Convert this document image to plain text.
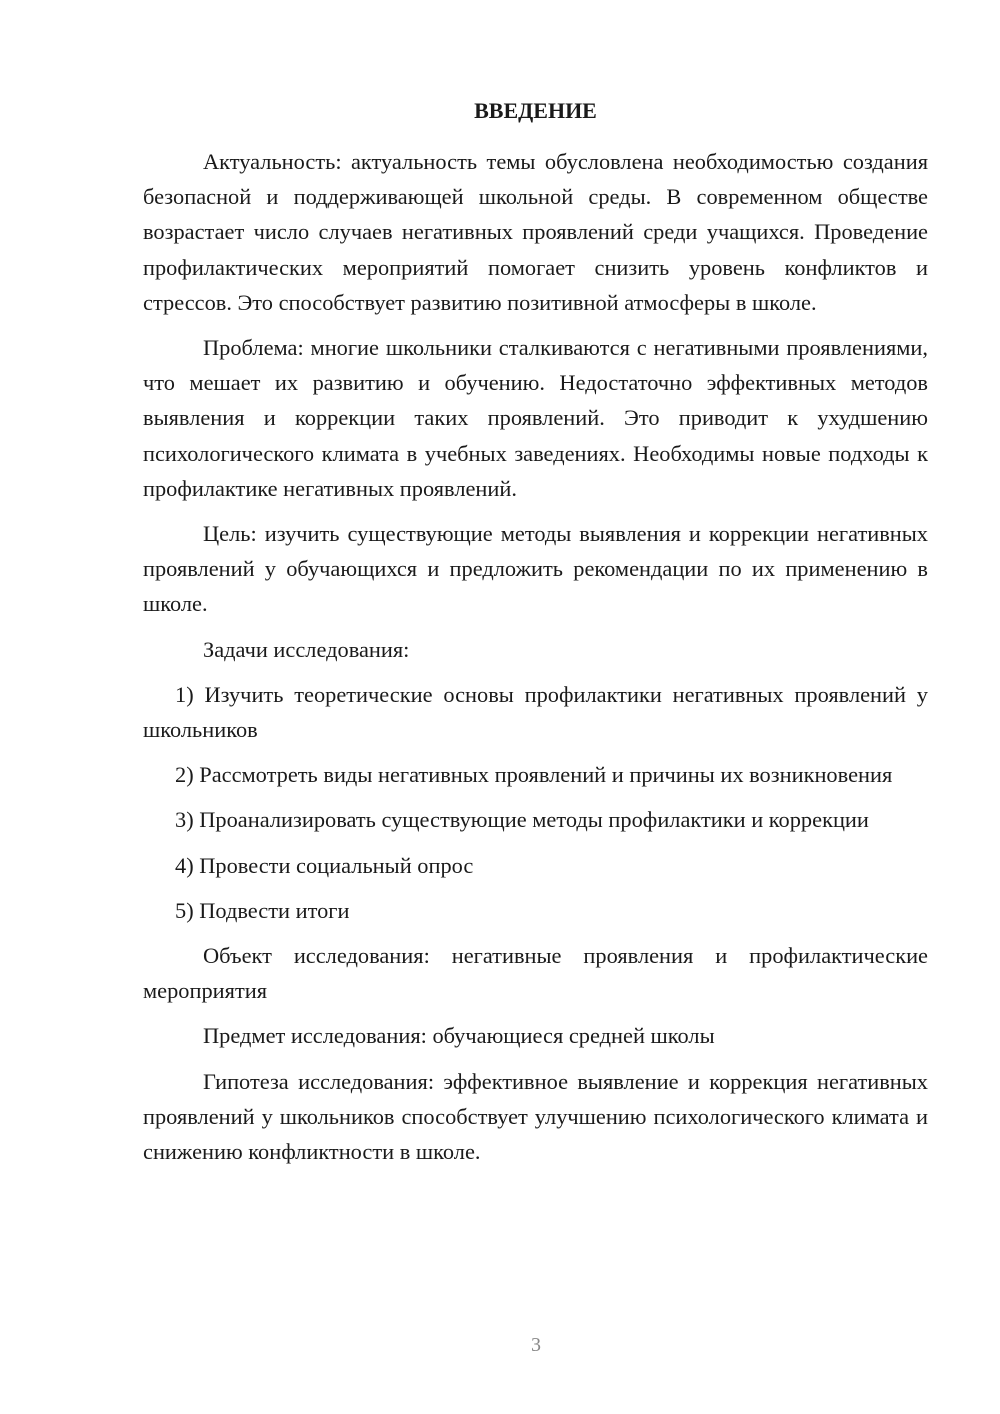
ВВЕДЕНИЕ

Актуальность: актуальность темы обусловлена необходимостью создания безопасной и поддерживающей школьной среды. В современном обществе возрастает число случаев негативных проявлений среди учащихся. Проведение профилактических мероприятий помогает снизить уровень конфликтов и стрессов. Это способствует развитию позитивной атмосферы в школе.

Проблема: многие школьники сталкиваются с негативными проявлениями, что мешает их развитию и обучению. Недостаточно эффективных методов выявления и коррекции таких проявлений. Это приводит к ухудшению психологического климата в учебных заведениях. Необходимы новые подходы к профилактике негативных проявлений.

Цель: изучить существующие методы выявления и коррекции негативных проявлений у обучающихся и предложить рекомендации по их применению в школе.

Задачи исследования:

1) Изучить теоретические основы профилактики негативных проявлений у школьников

2) Рассмотреть виды негативных проявлений и причины их возникновения

3) Проанализировать существующие методы профилактики и коррекции

4) Провести социальный опрос

5) Подвести итоги

Объект исследования: негативные проявления и профилактические мероприятия

Предмет исследования: обучающиеся средней школы

Гипотеза исследования: эффективное выявление и коррекция негативных проявлений у школьников способствует улучшению психологического климата и снижению конфликтности в школе.

3
